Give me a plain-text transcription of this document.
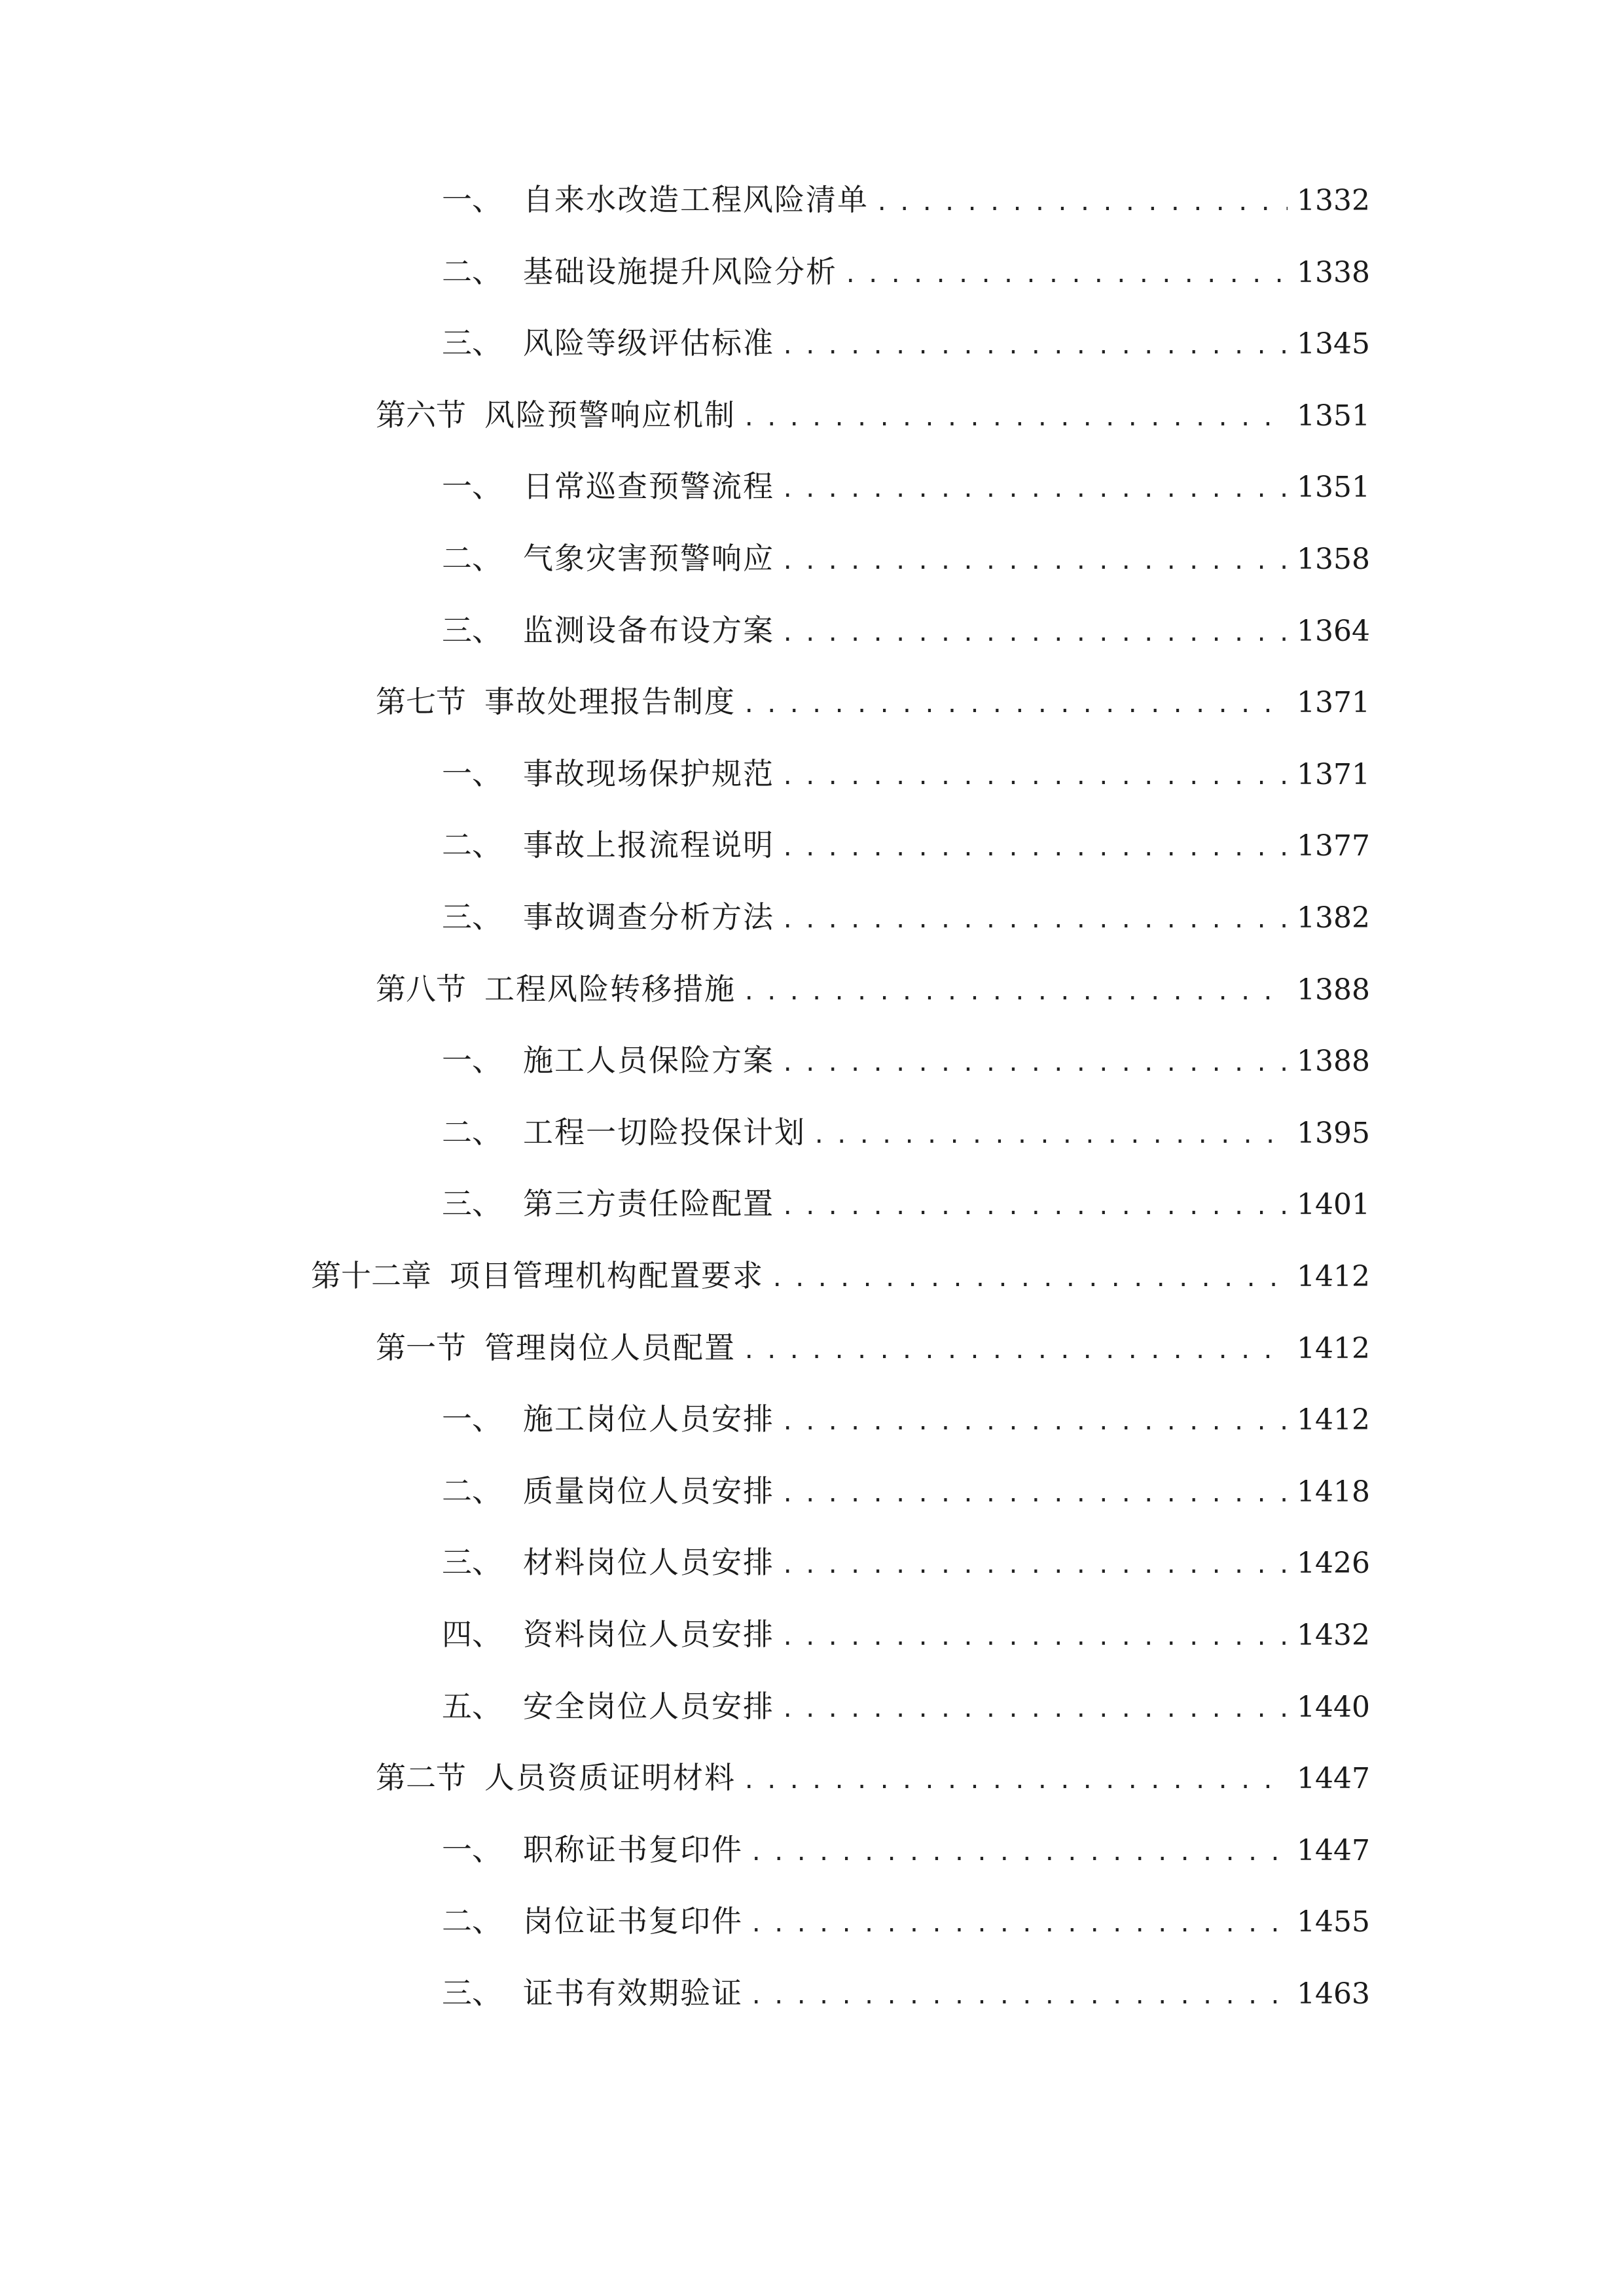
一、 自来水改造工程风险清单 .....	1332
二、 基础设施提升风险分析 .....	1338
三、 风险等级评估标准 .....	1345
第六节 风险预警响应机制 .....	1351
一、 日常巡查预警流程 .....	1351
二、 气象灾害预警响应 .....	1358
三、 监测设备布设方案 .....	1364
第七节 事故处理报告制度 .....	1371
一、 事故现场保护规范 .....	1371
二、 事故上报流程说明 .....	1377
三、 事故调查分析方法 .....	1382
第八节 工程风险转移措施 .....	1388
一、 施工人员保险方案 .....	1388
二、 工程一切险投保计划 .....	1395
三、 第三方责任险配置 .....	1401
第十二章 项目管理机构配置要求 .....	1412
第一节 管理岗位人员配置 .....	1412
一、 施工岗位人员安排 .....	1412
二、 质量岗位人员安排 .....	1418
三、 材料岗位人员安排 .....	1426
四、 资料岗位人员安排 .....	1432
五、 安全岗位人员安排 .....	1440
第二节 人员资质证明材料 .....	1447
一、 职称证书复印件 .....	1447
二、 岗位证书复印件 .....	1455
三、 证书有效期验证 .....	1463
